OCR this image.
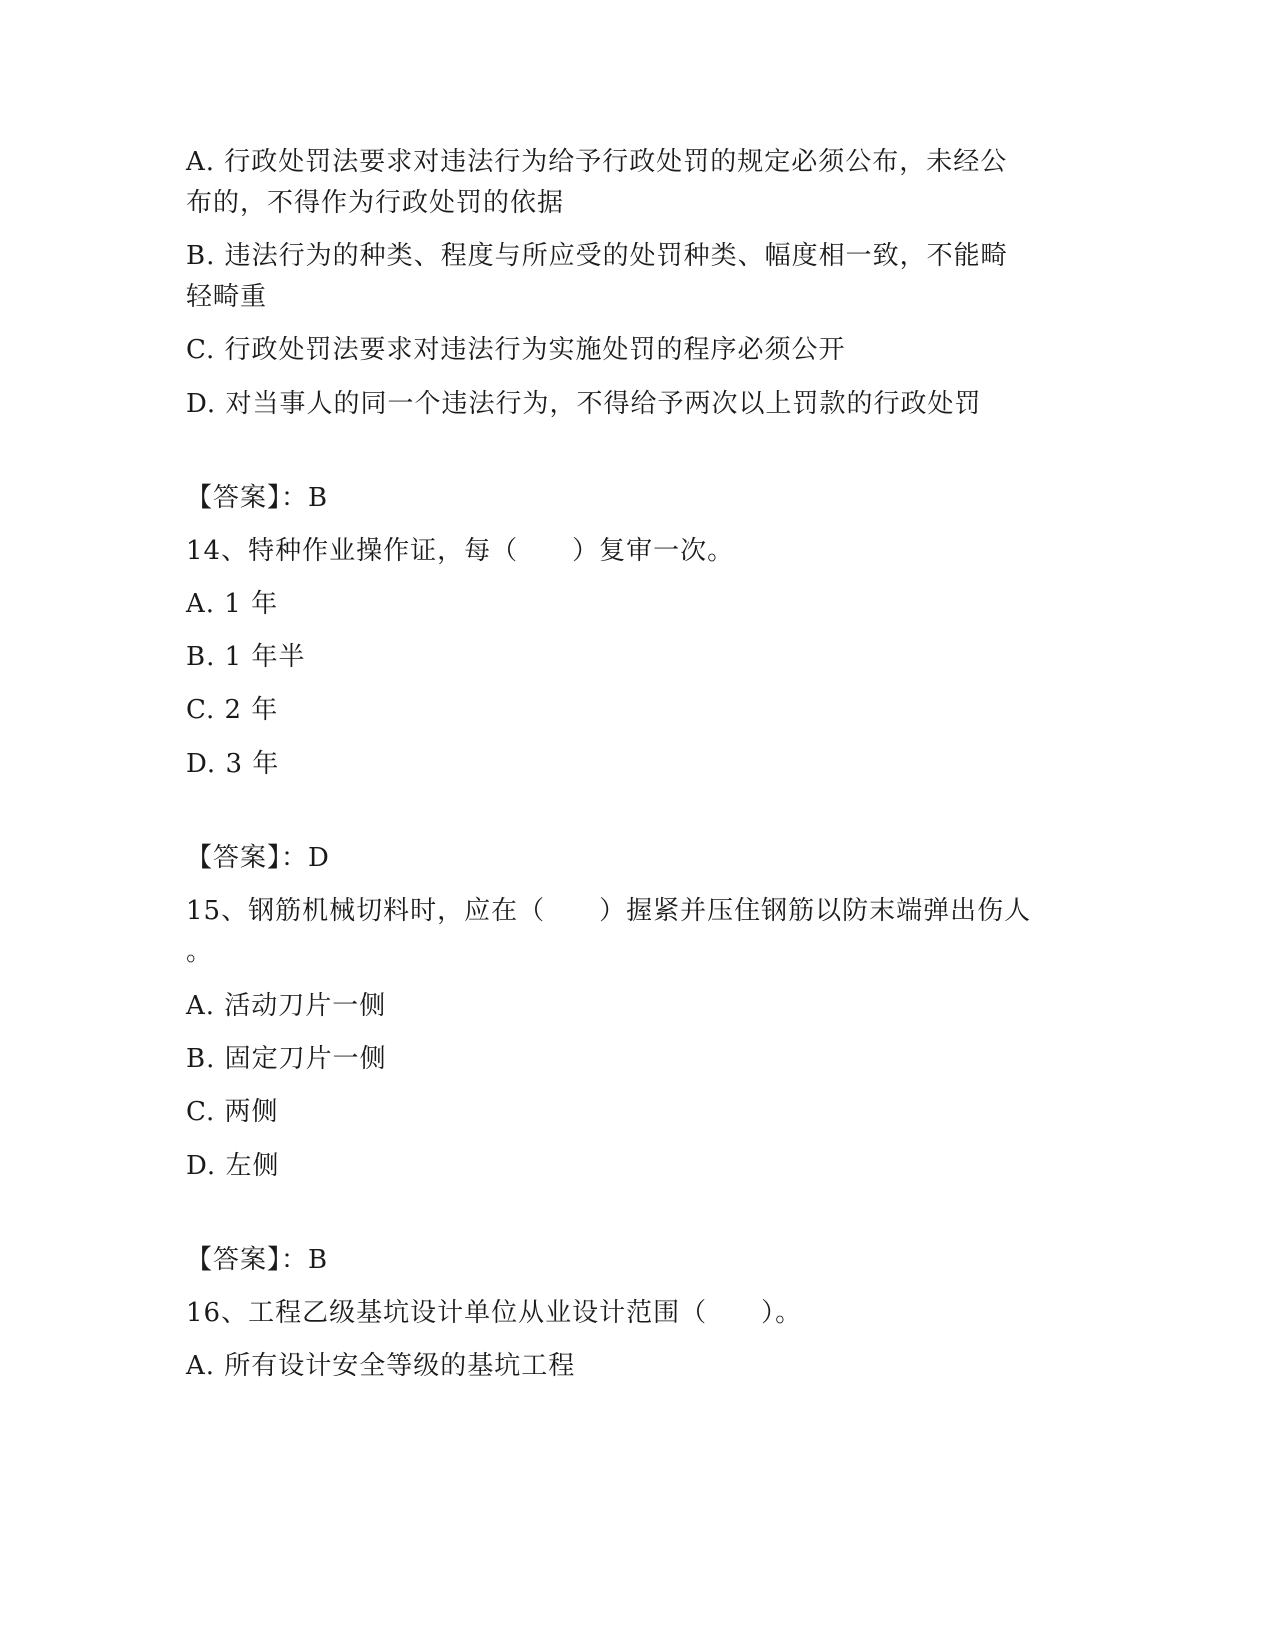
A. 行政处罚法要求对违法行为给予行政处罚的规定必须公布，未经公
布的，不得作为行政处罚的依据
B. 违法行为的种类、程度与所应受的处罚种类、幅度相一致，不能畸
轻畸重
C. 行政处罚法要求对违法行为实施处罚的程序必须公开
D. 对当事人的同一个违法行为，不得给予两次以上罚款的行政处罚
【答案】：B
14、特种作业操作证，每（　　）复审一次。
A. 1 年
B. 1 年半
C. 2 年
D. 3 年
【答案】：D
15、钢筋机械切料时，应在（　　）握紧并压住钢筋以防末端弹出伤人
。
A. 活动刀片一侧
B. 固定刀片一侧
C. 两侧
D. 左侧
【答案】：B
16、工程乙级基坑设计单位从业设计范围（　　）。
A. 所有设计安全等级的基坑工程
